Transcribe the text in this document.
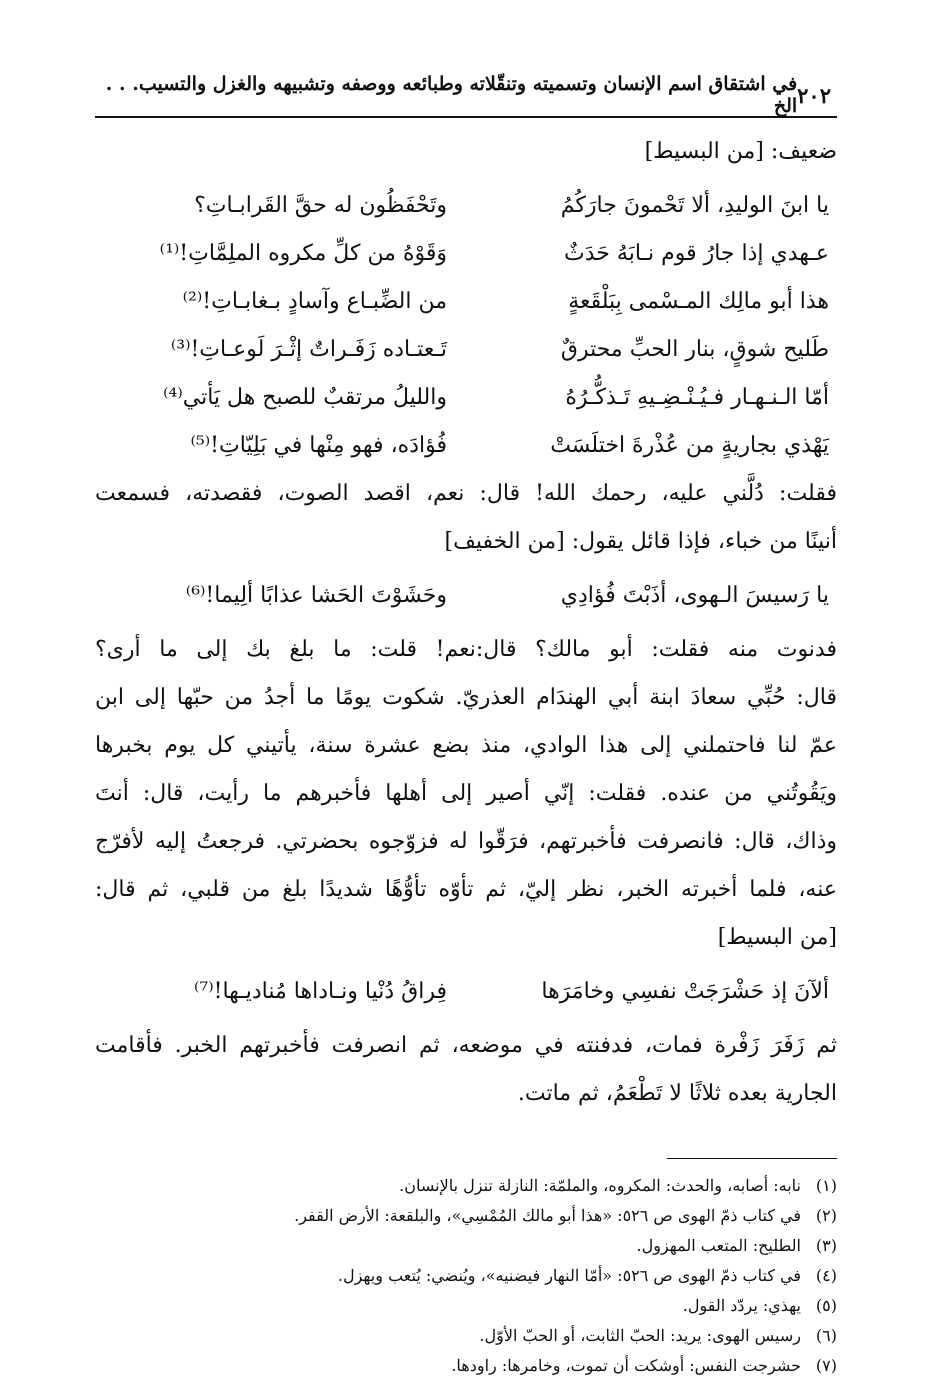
٢٠٢
في اشتقاق اسم الإنسان وتسميته وتنقّلاته وطبائعه ووصفه وتشبيهه والغزل والتسيب. . . الخ
ضعيف: [من البسيط]
يا ابنَ الوليدِ، ألا تَحْمونَ جارَكُمُ
وتَحْفَظُون له حقَّ القَرابـاتِ؟
عـهدي إذا جارُ قوم نـابَهُ حَدَثٌ
وَقَوْهُ من كلِّ مكروه الملِمَّاتِ!⁽¹⁾
هذا أبو مالِك المـسْمى بِبَلْقَعةٍ
من الضِّبـاع وآسادٍ بـغابـاتِ!⁽²⁾
طَليح شوقٍ، بنار الحبِّ محترقٌ
تَـعتـاده زَفَـراتٌ إثْـرَ لَوعـاتِ!⁽³⁾
أمّا الـنـهـار فـيُـنْـضِـيهِ تَـذكُّـرُهُ
والليلُ مرتقبٌ للصبح هل يَأتي⁽⁴⁾
يَهْذي بجاريةٍ من عُذْرةَ اختلَسَتْ
فُؤادَه، فهو مِنْها في بَلِيّاتِ!⁽⁵⁾
فقلت: دُلَّني عليه، رحمك الله! قال: نعم، اقصد الصوت، فقصدته، فسمعت
أنينًا من خباء، فإذا قائل يقول: [من الخفيف]
يا رَسيسَ الـهوى، أذَبْتَ فُؤادِي
وحَشَوْتَ الحَشا عذابًا ألِيما!⁽⁶⁾
فدنوت منه فقلت: أبو مالك؟ قال:نعم! قلت: ما بلغ بك إلى ما أرى؟
قال: حُبِّي سعادَ ابنة أبي الهندَام العذريّ. شكوت يومًا ما أجدُ من حبّها إلى ابن
عمّ لنا فاحتملني إلى هذا الوادي، منذ بضع عشرة سنة، يأتيني كل يوم بخبرها
ويَقُوتُني من عنده. فقلت: إنّي أصير إلى أهلها فأخبرهم ما رأيت، قال: أنتَ
وذاك، قال: فانصرفت فأخبرتهم، فرَقّوا له فزوّجوه بحضرتي. فرجعتُ إليه لأفرّج
عنه، فلما أخبرته الخبر، نظر إليّ، ثم تأوّه تأوُّهًا شديدًا بلغ من قلبي، ثم قال:
[من البسيط]
ألآنَ إذ حَشْرَجَتْ نفسِي وخامَرَها
فِراقُ دُنْيا ونـاداها مُناديـها!⁽⁷⁾
ثم زَفَرَ زَفْرة فمات، فدفنته في موضعه، ثم انصرفت فأخبرتهم الخبر. فأقامت
الجارية بعده ثلاثًا لا تَطْعَمُ، ثم ماتت.
(١)نابه: أصابه، والحدث: المكروه، والملمّة: النازلة تنزل بالإنسان.
(٢)في كتاب ذمّ الهوى ص ٥٢٦: «هذا أبو مالك المُمْسِي»، والبلقعة: الأرض القفر.
(٣)الطليح: المتعب المهزول.
(٤)في كتاب ذمّ الهوى ص ٥٢٦: «أمّا النهار فيضنيه»، ويُنضي: يُتعب ويهزل.
(٥)يهذي: يردّد القول.
(٦)رسيس الهوى: يريد: الحبّ الثابت، أو الحبّ الأوّل.
(٧)حشرجت النفس: أوشكت أن تموت، وخامرها: راودها.
